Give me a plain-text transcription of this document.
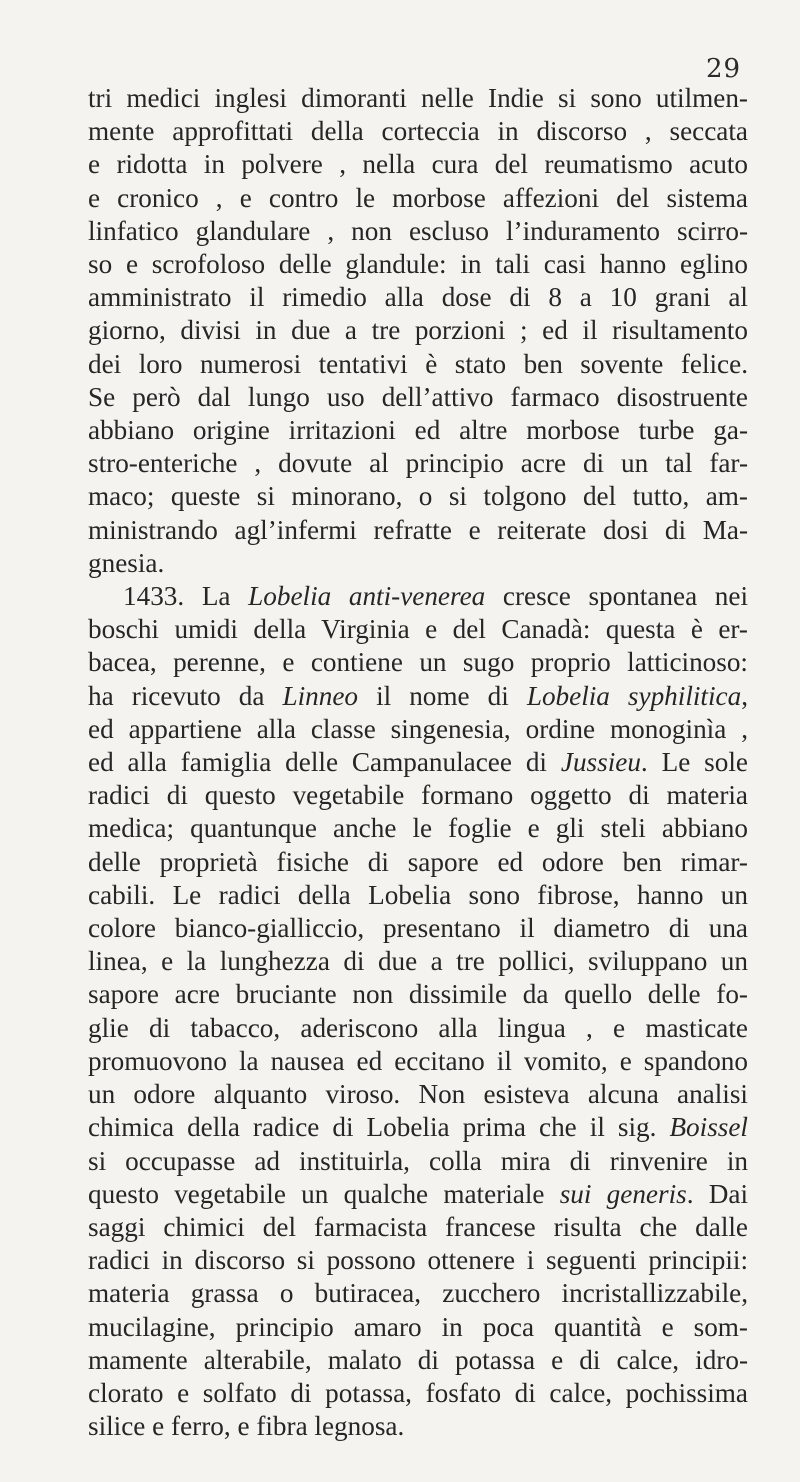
29
tri medici inglesi dimoranti nelle Indie si sono utilmen-
mente approfittati della corteccia in discorso , seccata
e ridotta in polvere , nella cura del reumatismo acuto
e cronico , e contro le morbose affezioni del sistema
linfatico glandulare , non escluso l’induramento scirro-
so e scrofoloso delle glandule: in tali casi hanno eglino
amministrato il rimedio alla dose di 8 a 10 grani al
giorno, divisi in due a tre porzioni ; ed il risultamento
dei loro numerosi tentativi è stato ben sovente felice.
Se però dal lungo uso dell’attivo farmaco disostruente
abbiano origine irritazioni ed altre morbose turbe ga-
stro-enteriche , dovute al principio acre di un tal far-
maco; queste si minorano, o si tolgono del tutto, am-
ministrando agl’infermi refratte e reiterate dosi di Ma-
gnesia.
1433. La Lobelia anti-venerea cresce spontanea nei
boschi umidi della Virginia e del Canadà: questa è er-
bacea, perenne, e contiene un sugo proprio latticinoso:
ha ricevuto da Linneo il nome di Lobelia syphilitica,
ed appartiene alla classe singenesia, ordine monoginìa ,
ed alla famiglia delle Campanulacee di Jussieu. Le sole
radici di questo vegetabile formano oggetto di materia
medica; quantunque anche le foglie e gli steli abbiano
delle proprietà fisiche di sapore ed odore ben rimar-
cabili. Le radici della Lobelia sono fibrose, hanno un
colore bianco-gialliccio, presentano il diametro di una
linea, e la lunghezza di due a tre pollici, sviluppano un
sapore acre bruciante non dissimile da quello delle fo-
glie di tabacco, aderiscono alla lingua , e masticate
promuovono la nausea ed eccitano il vomito, e spandono
un odore alquanto viroso. Non esisteva alcuna analisi
chimica della radice di Lobelia prima che il sig. Boissel
si occupasse ad instituirla, colla mira di rinvenire in
questo vegetabile un qualche materiale sui generis. Dai
saggi chimici del farmacista francese risulta che dalle
radici in discorso si possono ottenere i seguenti principii:
materia grassa o butiracea, zucchero incristallizzabile,
mucilagine, principio amaro in poca quantità e som-
mamente alterabile, malato di potassa e di calce, idro-
clorato e solfato di potassa, fosfato di calce, pochissima
silice e ferro, e fibra legnosa.
